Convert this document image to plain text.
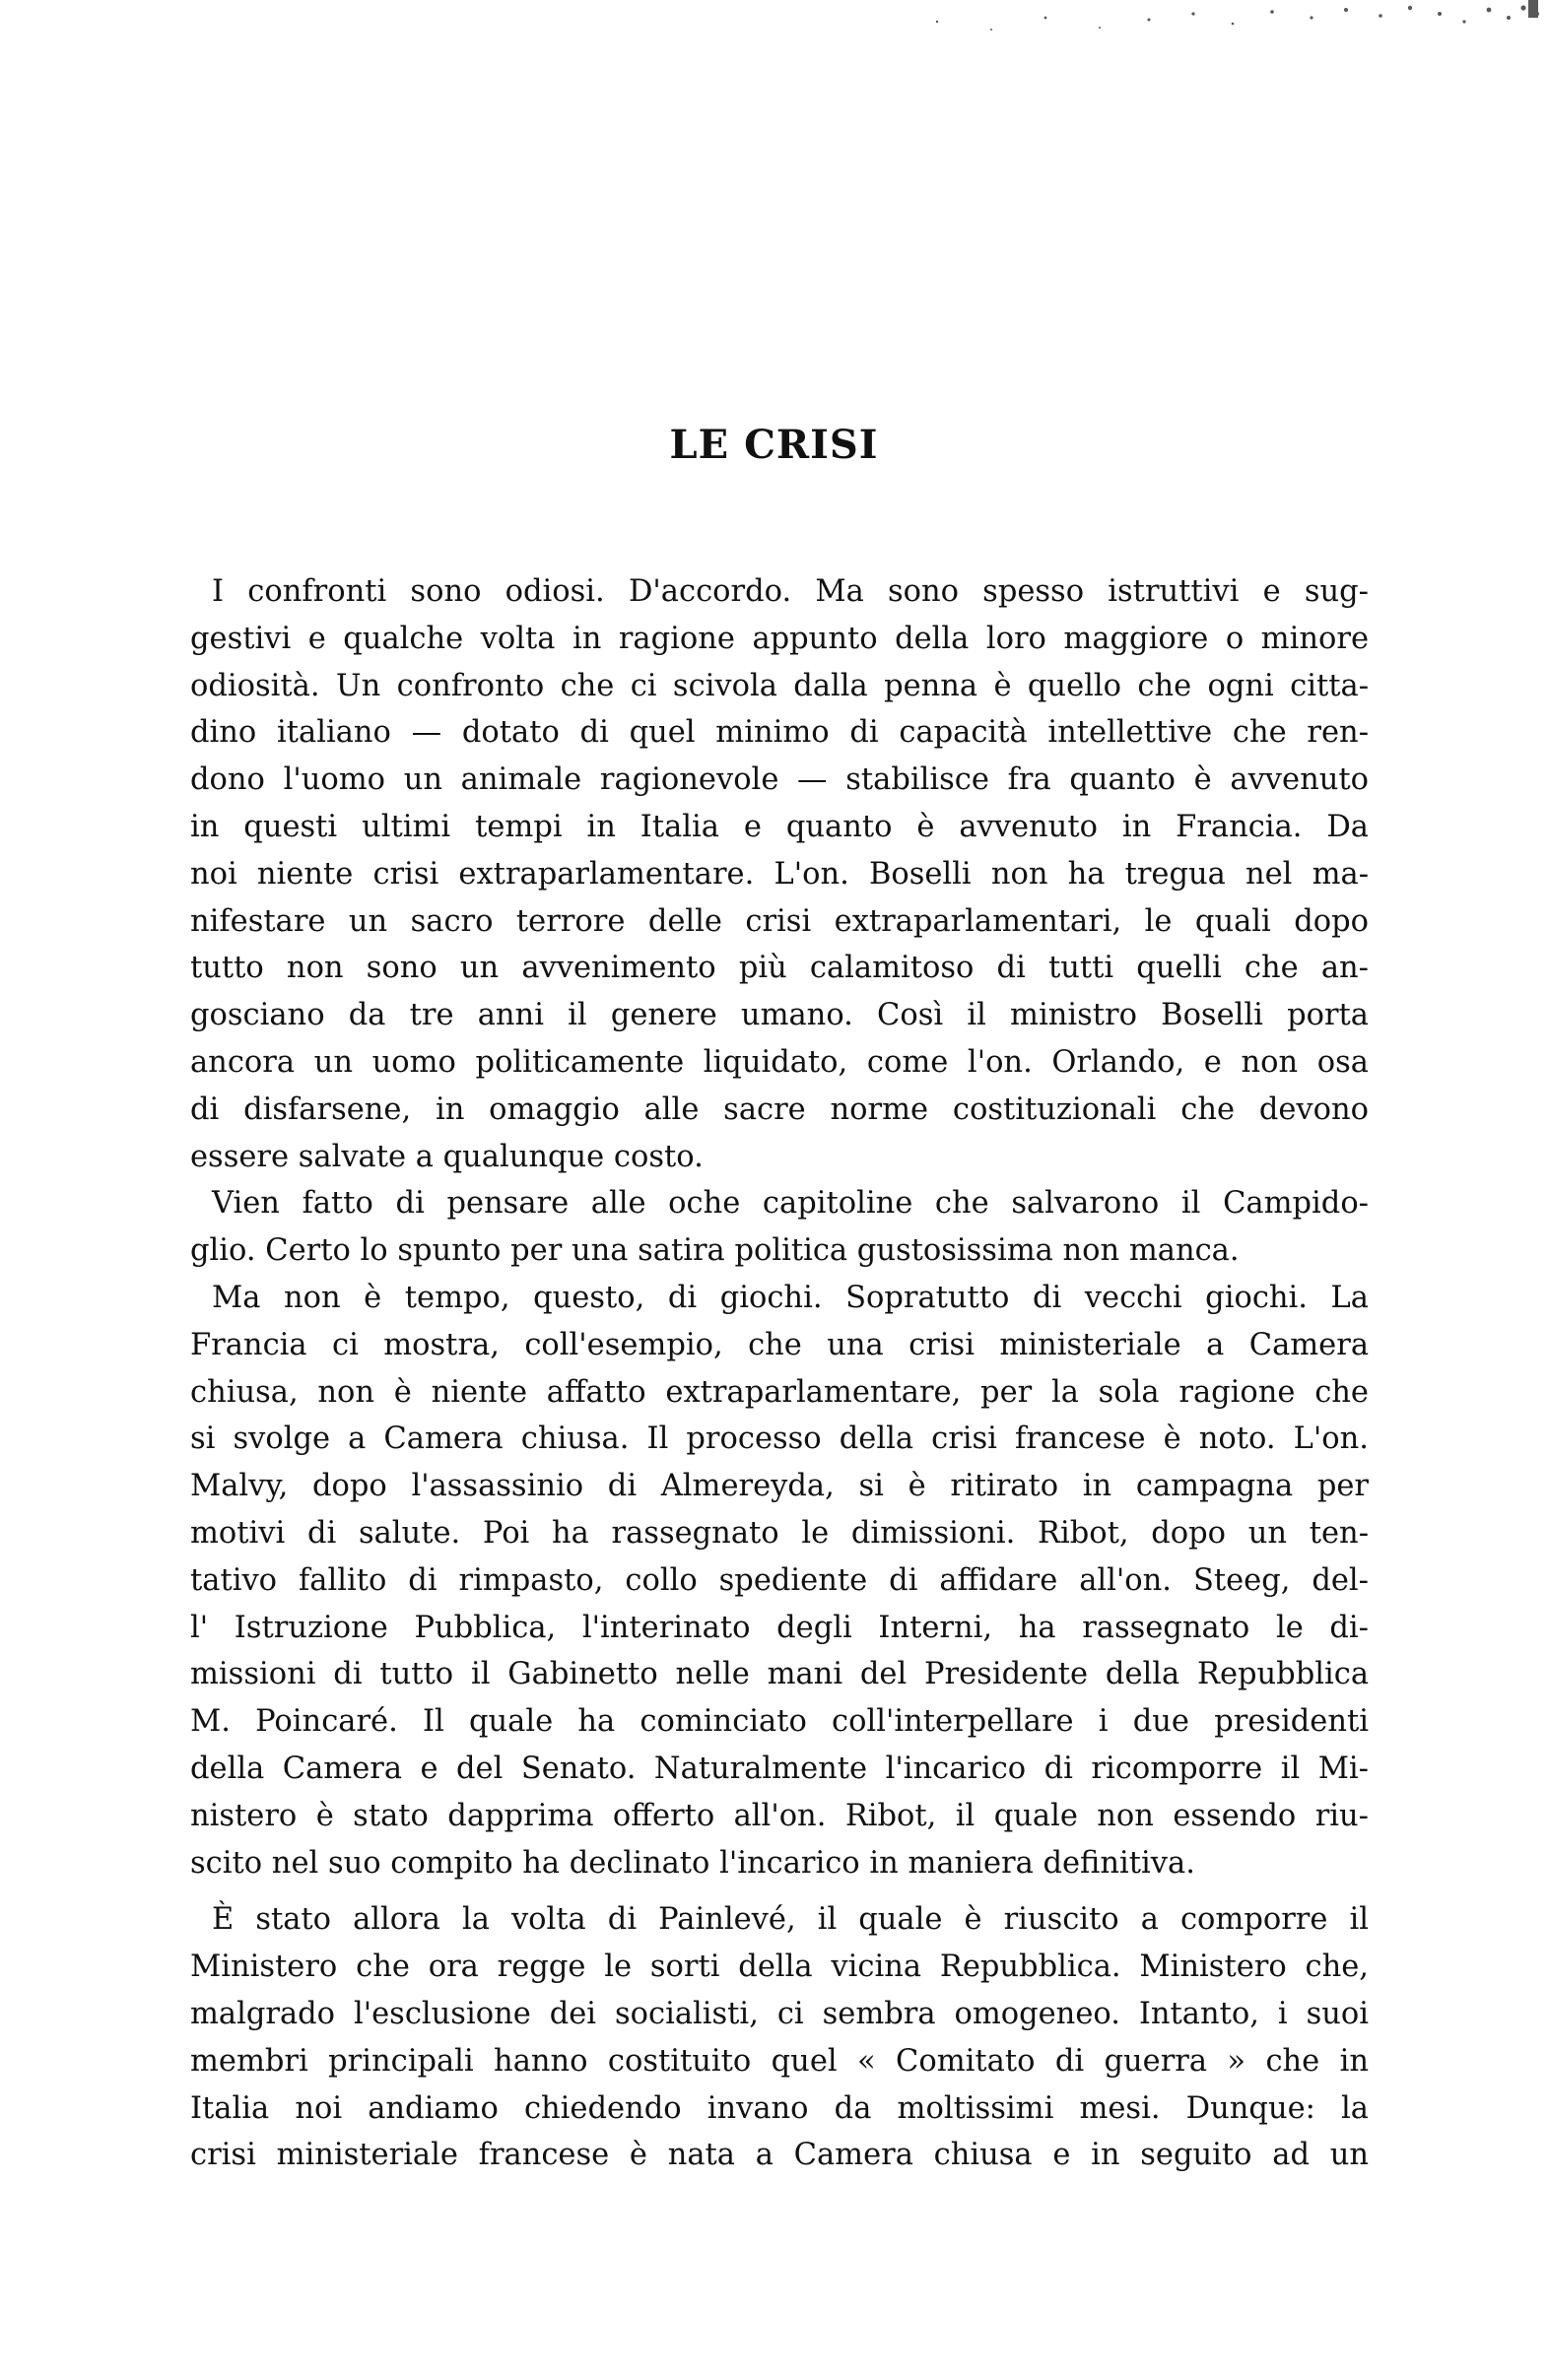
LE CRISI
I confronti sono odiosi. D'accordo. Ma sono spesso istruttivi e sug-
gestivi e qualche volta in ragione appunto della loro maggiore o minore
odiosità. Un confronto che ci scivola dalla penna è quello che ogni citta-
dino italiano — dotato di quel minimo di capacità intellettive che ren-
dono l'uomo un animale ragionevole — stabilisce fra quanto è avvenuto
in questi ultimi tempi in Italia e quanto è avvenuto in Francia. Da
noi niente crisi extraparlamentare. L'on. Boselli non ha tregua nel ma-
nifestare un sacro terrore delle crisi extraparlamentari, le quali dopo
tutto non sono un avvenimento più calamitoso di tutti quelli che an-
gosciano da tre anni il genere umano. Così il ministro Boselli porta
ancora un uomo politicamente liquidato, come l'on. Orlando, e non osa
di disfarsene, in omaggio alle sacre norme costituzionali che devono
essere salvate a qualunque costo.
Vien fatto di pensare alle oche capitoline che salvarono il Campido-
glio. Certo lo spunto per una satira politica gustosissima non manca.
Ma non è tempo, questo, di giochi. Sopratutto di vecchi giochi. La
Francia ci mostra, coll'esempio, che una crisi ministeriale a Camera
chiusa, non è niente affatto extraparlamentare, per la sola ragione che
si svolge a Camera chiusa. Il processo della crisi francese è noto. L'on.
Malvy, dopo l'assassinio di Almereyda, si è ritirato in campagna per
motivi di salute. Poi ha rassegnato le dimissioni. Ribot, dopo un ten-
tativo fallito di rimpasto, collo spediente di affidare all'on. Steeg, del-
l' Istruzione Pubblica, l'interinato degli Interni, ha rassegnato le di-
missioni di tutto il Gabinetto nelle mani del Presidente della Repubblica
M. Poincaré. Il quale ha cominciato coll'interpellare i due presidenti
della Camera e del Senato. Naturalmente l'incarico di ricomporre il Mi-
nistero è stato dapprima offerto all'on. Ribot, il quale non essendo riu-
scito nel suo compito ha declinato l'incarico in maniera definitiva.
È stato allora la volta di Painlevé, il quale è riuscito a comporre il
Ministero che ora regge le sorti della vicina Repubblica. Ministero che,
malgrado l'esclusione dei socialisti, ci sembra omogeneo. Intanto, i suoi
membri principali hanno costituito quel « Comitato di guerra » che in
Italia noi andiamo chiedendo invano da moltissimi mesi. Dunque: la
crisi ministeriale francese è nata a Camera chiusa e in seguito ad un
